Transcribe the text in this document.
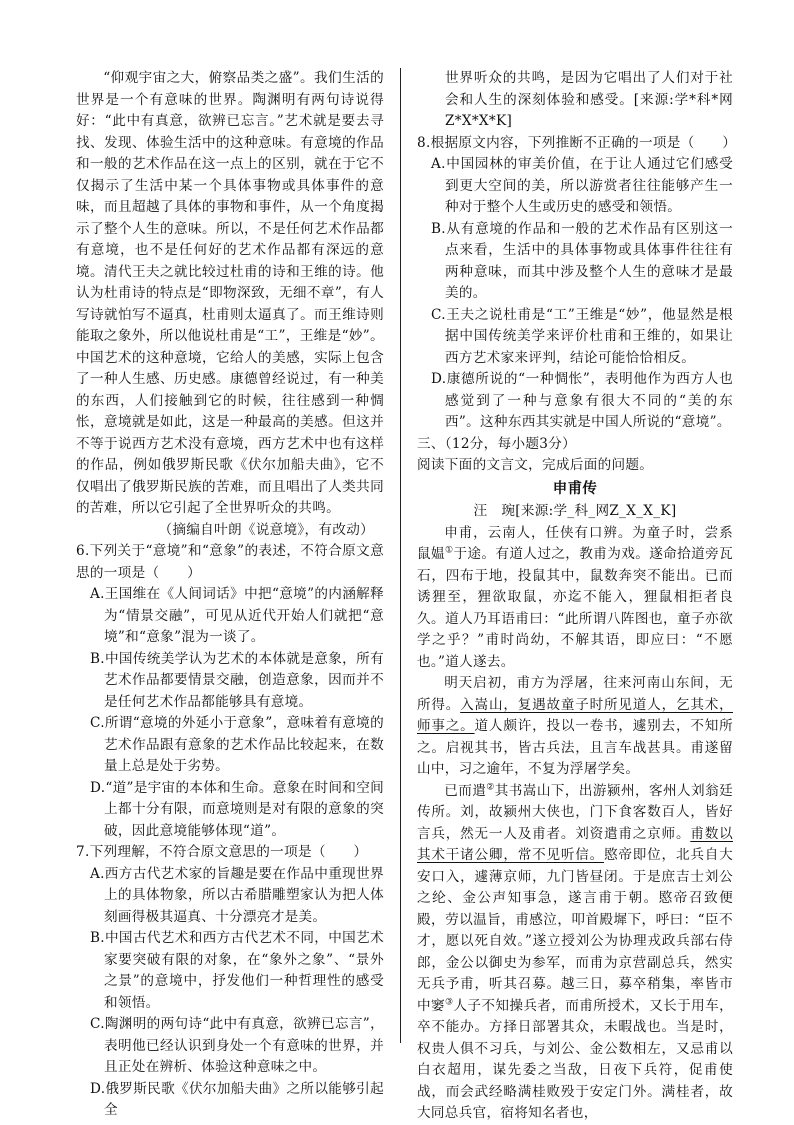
“仰观宇宙之大，俯察品类之盛”。我们生活的世界是一个有意味的世界。陶渊明有两句诗说得好：“此中有真意，欲辨已忘言。”艺术就是要去寻找、发现、体验生活中的这种意味。有意境的作品和一般的艺术作品在这一点上的区别，就在于它不仅揭示了生活中某一个具体事物或具体事件的意味，而且超越了具体的事物和事件，从一个角度揭示了整个人生的意味。所以，不是任何艺术作品都有意境，也不是任何好的艺术作品都有深远的意境。清代王夫之就比较过杜甫的诗和王维的诗。他认为杜甫诗的特点是“即物深致，无细不章”，有人写诗就怕写不逼真，杜甫则太逼真了。而王维诗则能取之象外，所以他说杜甫是“工”，王维是“妙”。中国艺术的这种意境，它给人的美感，实际上包含了一种人生感、历史感。康德曾经说过，有一种美的东西，人们接触到它的时候，往往感到一种惆怅，意境就是如此，这是一种最高的美感。但这并不等于说西方艺术没有意境，西方艺术中也有这样的作品，例如俄罗斯民歌《伏尔加船夫曲》，它不仅唱出了俄罗斯民族的苦难，而且唱出了人类共同的苦难，所以它引起了全世界听众的共鸣。

（摘编自叶朗《说意境》，有改动）

6.下列关于“意境”和“意象”的表述，不符合原文意思的一项是（　　）

A.王国维在《人间词话》中把“意境”的内涵解释为“情景交融”，可见从近代开始人们就把“意境”和“意象”混为一谈了。

B.中国传统美学认为艺术的本体就是意象，所有艺术作品都要情景交融，创造意象，因而并不是任何艺术作品都能够具有意境。

C.所谓“意境的外延小于意象”，意味着有意境的艺术作品跟有意象的艺术作品比较起来，在数量上总是处于劣势。

D.“道”是宇宙的本体和生命。意象在时间和空间上都十分有限，而意境则是对有限的意象的突破，因此意境能够体现“道”。

7.下列理解，不符合原文意思的一项是（　　）

A.西方古代艺术家的旨趣是要在作品中重现世界上的具体物象，所以古希腊雕塑家认为把人体刻画得极其逼真、十分漂亮才是美。

B.中国古代艺术和西方古代艺术不同，中国艺术家要突破有限的对象，在“象外之象”、“景外之景”的意境中，抒发他们一种哲理性的感受和领悟。

C.陶渊明的两句诗“此中有真意，欲辨已忘言”，表明他已经认识到身处一个有意味的世界，并且正处在辨析、体验这种意味之中。

D.俄罗斯民歌《伏尔加船夫曲》之所以能够引起全

世界听众的共鸣，是因为它唱出了人们对于社会和人生的深刻体验和感受。[来源:学*科*网Z*X*X*K]

8.根据原文内容，下列推断不正确的一项是（　　）

A.中国园林的审美价值，在于让人通过它们感受到更大空间的美，所以游赏者往往能够产生一种对于整个人生或历史的感受和领悟。

B.从有意境的作品和一般的艺术作品有区别这一点来看，生活中的具体事物或具体事件往往有两种意味，而其中涉及整个人生的意味才是最美的。

C.王夫之说杜甫是“工”王维是“妙”，他显然是根据中国传统美学来评价杜甫和王维的，如果让西方艺术家来评判，结论可能恰恰相反。

D.康德所说的“一种惆怅”，表明他作为西方人也感觉到了一种与意象有很大不同的“美的东西”。这种东西其实就是中国人所说的“意境”。

三、（12分，每小题3分）

阅读下面的文言文，完成后面的问题。

申甫传

汪　琬[来源:学_科_网Z_X_X_K]

申甫，云南人，任侠有口辨。为童子时，尝系鼠媪①于途。有道人过之，教甫为戏。遂命拾道旁瓦石，四布于地，投鼠其中，鼠数奔突不能出。已而诱狸至，狸欲取鼠，亦迄不能入，狸鼠相拒者良久。道人乃耳语甫曰：“此所谓八阵图也，童子亦欲学之乎？”甫时尚幼，不解其语，即应曰：“不愿也。”道人遂去。

明天启初，甫方为浮屠，往来河南山东间，无所得。入嵩山，复遇故童子时所见道人，乞其术，师事之。道人颇许，投以一卷书，遽别去，不知所之。启视其书，皆古兵法，且言车战甚具。甫遂留山中，习之逾年，不复为浮屠学矣。

已而遣②其书嵩山下，出游颍州，客州人刘翁廷传所。刘，故颍州大侠也，门下食客数百人，皆好言兵，然无一人及甫者。刘资遣甫之京师。甫数以其术干诸公卿，常不见听信。愍帝即位，北兵自大安口入，遽薄京师，九门皆昼闭。于是庶吉士刘公之纶、金公声知事急，遂言甫于朝。愍帝召致便殿，劳以温旨，甫感泣，叩首殿墀下，呼曰：“臣不才，愿以死自效。”遂立授刘公为协理戎政兵部右侍郎，金公以御史为参军，而甫为京营副总兵，然实无兵予甫，听其召募。越三日，募卒稍集，率皆市中窭③人子不知操兵者，而甫所授术，又长于用车，卒不能办。方择日部署其众，未暇战也。当是时，权贵人俱不习兵，与刘公、金公数相左，又忌甫以白衣超用，谋先委之当敌，日夜下兵符，促甫使战，而会武经略满桂败殁于安定门外。满桂者，故大同总兵官，宿将知名者也，
